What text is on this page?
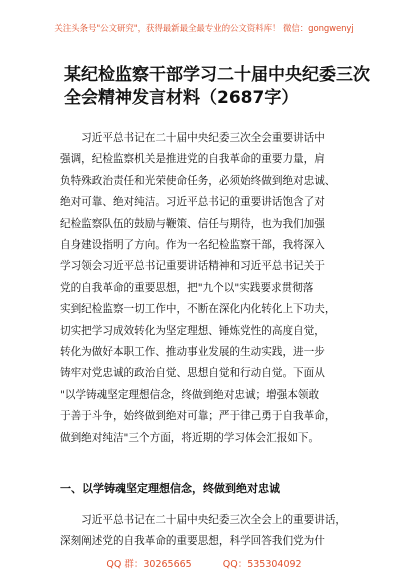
关注头条号"公文研究"，获得最新最全最专业的公文资料库！ 微信：gongwenyj
某纪检监察干部学习二十届中央纪委三次
全会精神发言材料（2687字）
　　习近平总书记在二十届中央纪委三次全会重要讲话中
强调，纪检监察机关是推进党的自我革命的重要力量，肩
负特殊政治责任和光荣使命任务，必须始终做到绝对忠诚、
绝对可靠、绝对纯洁。习近平总书记的重要讲话饱含了对
纪检监察队伍的鼓励与鞭策、信任与期待，也为我们加强
自身建设指明了方向。作为一名纪检监察干部，我将深入
学习领会习近平总书记重要讲话精神和习近平总书记关于
党的自我革命的重要思想，把"九个以"实践要求贯彻落
实到纪检监察一切工作中，不断在深化内化转化上下功夫，
切实把学习成效转化为坚定理想、锤炼党性的高度自觉，
转化为做好本职工作、推动事业发展的生动实践，进一步
铸牢对党忠诚的政治自觉、思想自觉和行动自觉。下面从
"以学铸魂坚定理想信念，终做到绝对忠诚；增强本领敢
于善于斗争，始终做到绝对可靠；严于律己勇于自我革命，
做到绝对纯洁"三个方面，将近期的学习体会汇报如下。
一、以学铸魂坚定理想信念，终做到绝对忠诚
　　习近平总书记在二十届中央纪委三次全会上的重要讲话，
深刻阐述党的自我革命的重要思想，科学回答我们党为什
QQ 群：30265665	QQ：535304092
